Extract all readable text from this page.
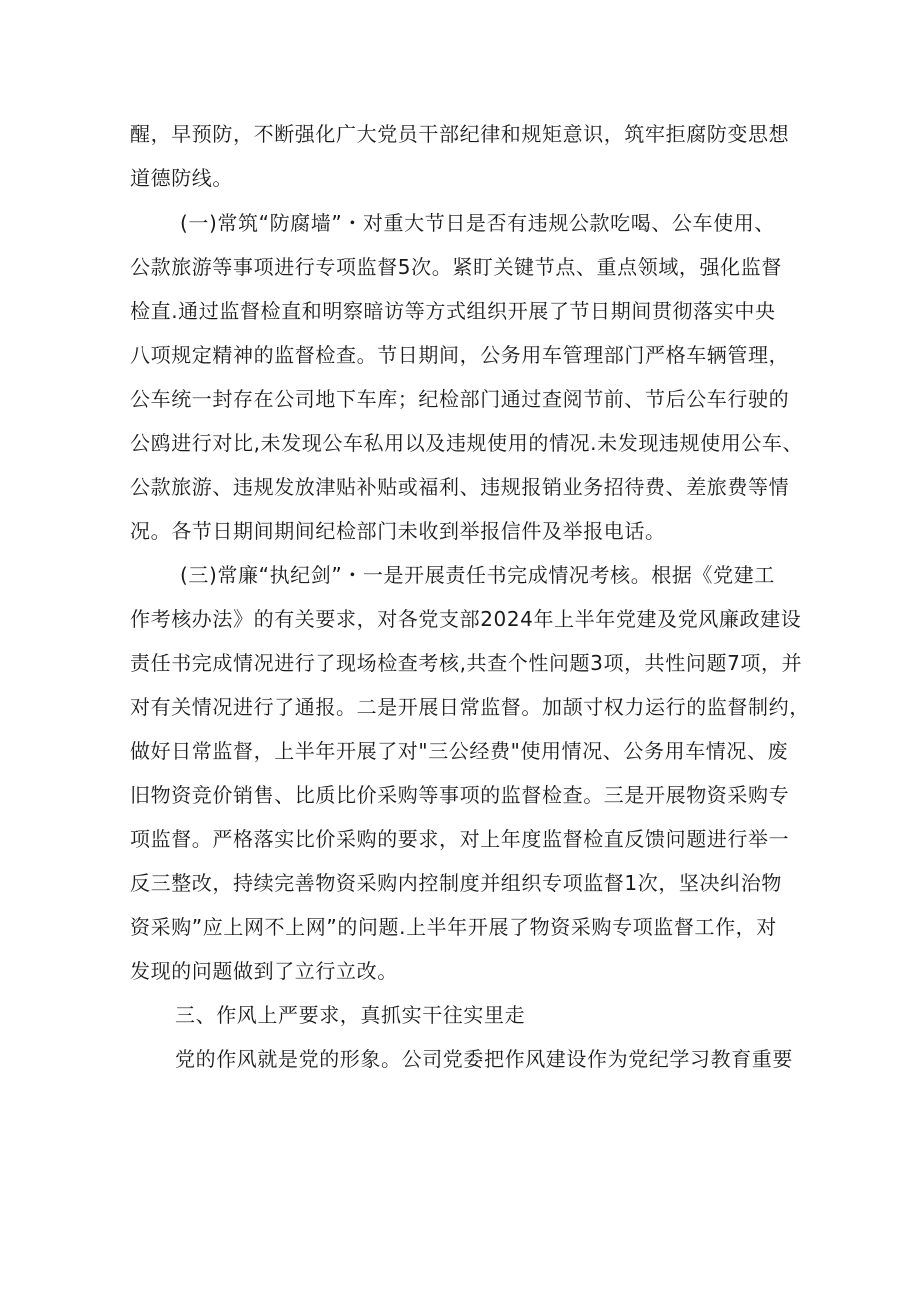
醒，早预防，不断强化广大党员干部纪律和规矩意识，筑牢拒腐防变思想
道德防线。
(一)常筑“防腐墙”・对重大节日是否有违规公款吃喝、公车使用、
公款旅游等事项进行专项监督5次。紧盯关键节点、重点领域，强化监督
检直.通过监督检直和明察暗访等方式组织开展了节日期间贯彻落实中央
八项规定精神的监督检查。节日期间，公务用车管理部门严格车辆管理，
公车统一封存在公司地下车库；纪检部门通过查阅节前、节后公车行驶的
公鸥进行对比,未发现公车私用以及违规使用的情况.未发现违规使用公车、
公款旅游、违规发放津贴补贴或福利、违规报销业务招待费、差旅费等情
况。各节日期间期间纪检部门未收到举报信件及举报电话。
(三)常廉“执纪剑”・一是开展责任书完成情况考核。根据《党建工
作考核办法》的有关要求，对各党支部2024年上半年党建及党风廉政建设
责任书完成情况进行了现场检查考核,共查个性问题3项，共性问题7项，并
对有关情况进行了通报。二是开展日常监督。加颉寸权力运行的监督制约，
做好日常监督，上半年开展了对"三公经费"使用情况、公务用车情况、废
旧物资竞价销售、比质比价采购等事项的监督检查。三是开展物资采购专
项监督。严格落实比价采购的要求，对上年度监督检直反馈问题进行举一
反三整改，持续完善物资采购内控制度并组织专项监督1次，坚决纠治物
资采购”应上网不上网”的问题.上半年开展了物资采购专项监督工作，对
发现的问题做到了立行立改。
三、作风上严要求，真抓实干往实里走
党的作风就是党的形象。公司党委把作风建设作为党纪学习教育重要
